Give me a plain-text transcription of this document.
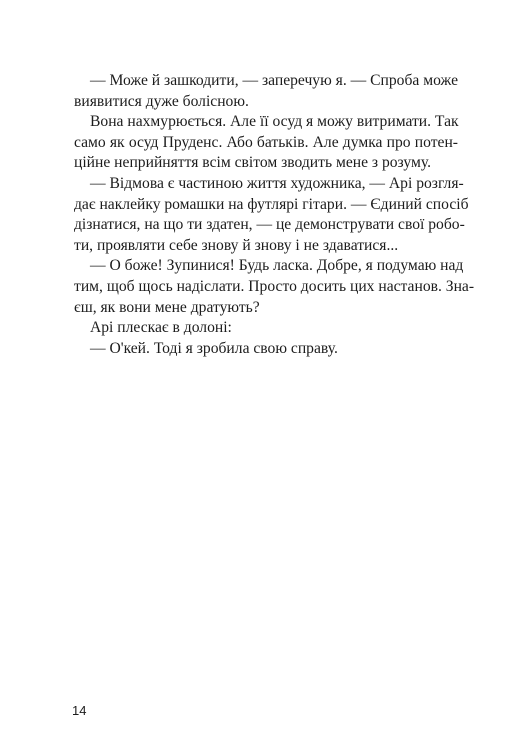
— Може й зашкодити, — заперечую я. — Спроба може
виявитися дуже болісною.
Вона нахмурюється. Але її осуд я можу витримати. Так
само як осуд Пруденс. Або батьків. Але думка про потен-
ційне неприйняття всім світом зводить мене з розуму.
— Відмова є частиною життя художника, — Арі розгля-
дає наклейку ромашки на футлярі гітари. — Єдиний спосіб
дізнатися, на що ти здатен, — це демонструвати свої робо-
ти, проявляти себе знову й знову і не здаватися...
— О боже! Зупинися! Будь ласка. Добре, я подумаю над
тим, щоб щось надіслати. Просто досить цих настанов. Зна-
єш, як вони мене дратують?
Арі плескає в долоні:
— О'кей. Тоді я зробила свою справу.
14
